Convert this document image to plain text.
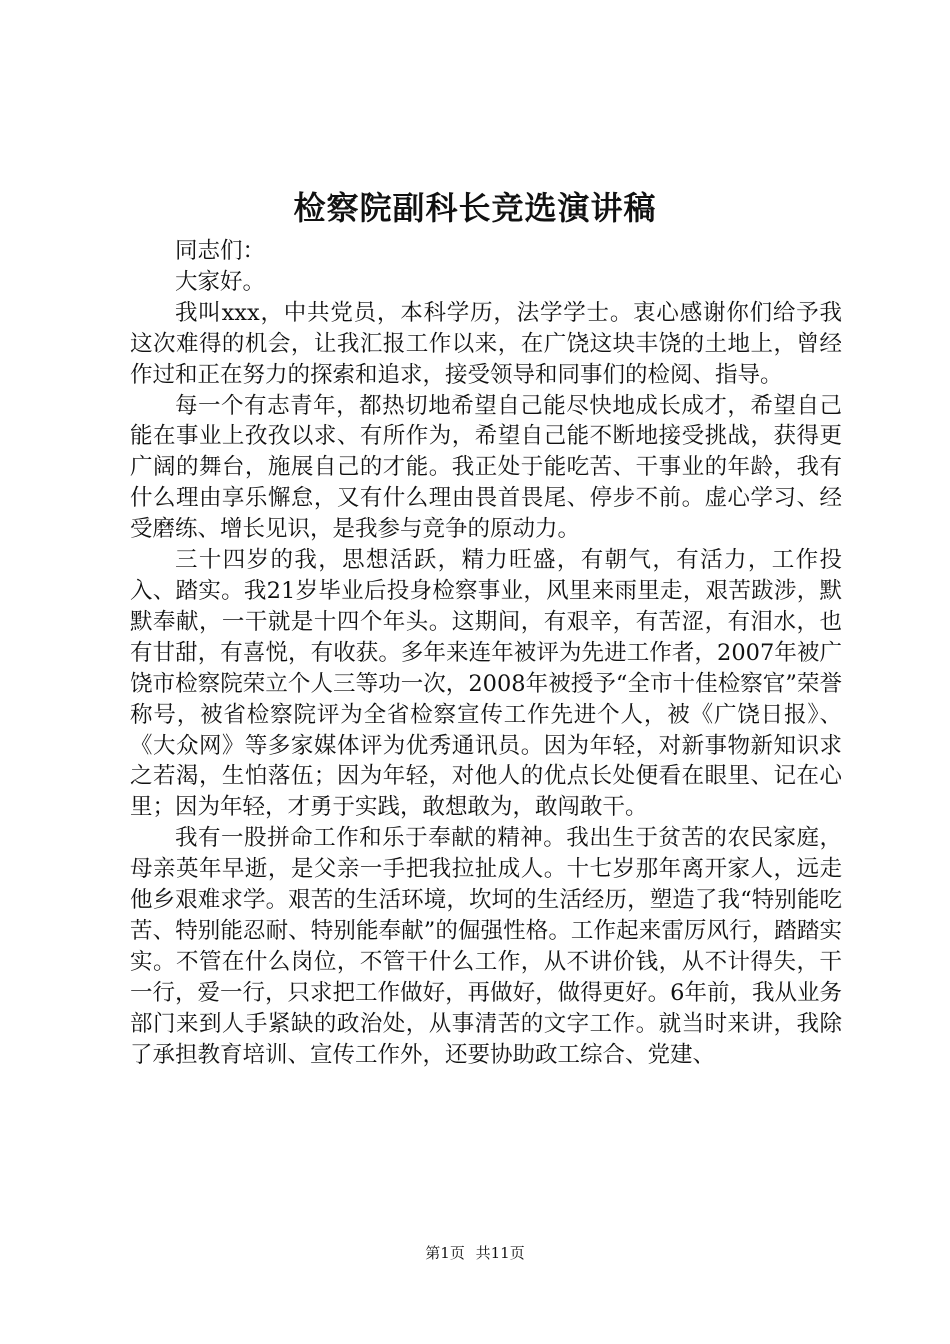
检察院副科长竞选演讲稿

同志们：

大家好。

我叫xxx，中共党员，本科学历，法学学士。衷心感谢你们给予我这次难得的机会，让我汇报工作以来，在广饶这块丰饶的土地上，曾经作过和正在努力的探索和追求，接受领导和同事们的检阅、指导。

每一个有志青年，都热切地希望自己能尽快地成长成才，希望自己能在事业上孜孜以求、有所作为，希望自己能不断地接受挑战，获得更广阔的舞台，施展自己的才能。我正处于能吃苦、干事业的年龄，我有什么理由享乐懈怠，又有什么理由畏首畏尾、停步不前。虚心学习、经受磨练、增长见识，是我参与竞争的原动力。

三十四岁的我，思想活跃，精力旺盛，有朝气，有活力，工作投入、踏实。我21岁毕业后投身检察事业，风里来雨里走，艰苦跋涉，默默奉献，一干就是十四个年头。这期间，有艰辛，有苦涩，有泪水，也有甘甜，有喜悦，有收获。多年来连年被评为先进工作者，2007年被广饶市检察院荣立个人三等功一次，2008年被授予“全市十佳检察官”荣誉称号，被省检察院评为全省检察宣传工作先进个人，被《广饶日报》、《大众网》等多家媒体评为优秀通讯员。因为年轻，对新事物新知识求之若渴，生怕落伍；因为年轻，对他人的优点长处便看在眼里、记在心里；因为年轻，才勇于实践，敢想敢为，敢闯敢干。

我有一股拼命工作和乐于奉献的精神。我出生于贫苦的农民家庭，母亲英年早逝，是父亲一手把我拉扯成人。十七岁那年离开家人，远走他乡艰难求学。艰苦的生活环境，坎坷的生活经历，塑造了我“特别能吃苦、特别能忍耐、特别能奉献”的倔强性格。工作起来雷厉风行，踏踏实实。不管在什么岗位，不管干什么工作，从不讲价钱，从不计得失，干一行，爱一行，只求把工作做好，再做好，做得更好。6年前，我从业务部门来到人手紧缺的政治处，从事清苦的文字工作。就当时来讲，我除了承担教育培训、宣传工作外，还要协助政工综合、党建、

第1页 共11页
